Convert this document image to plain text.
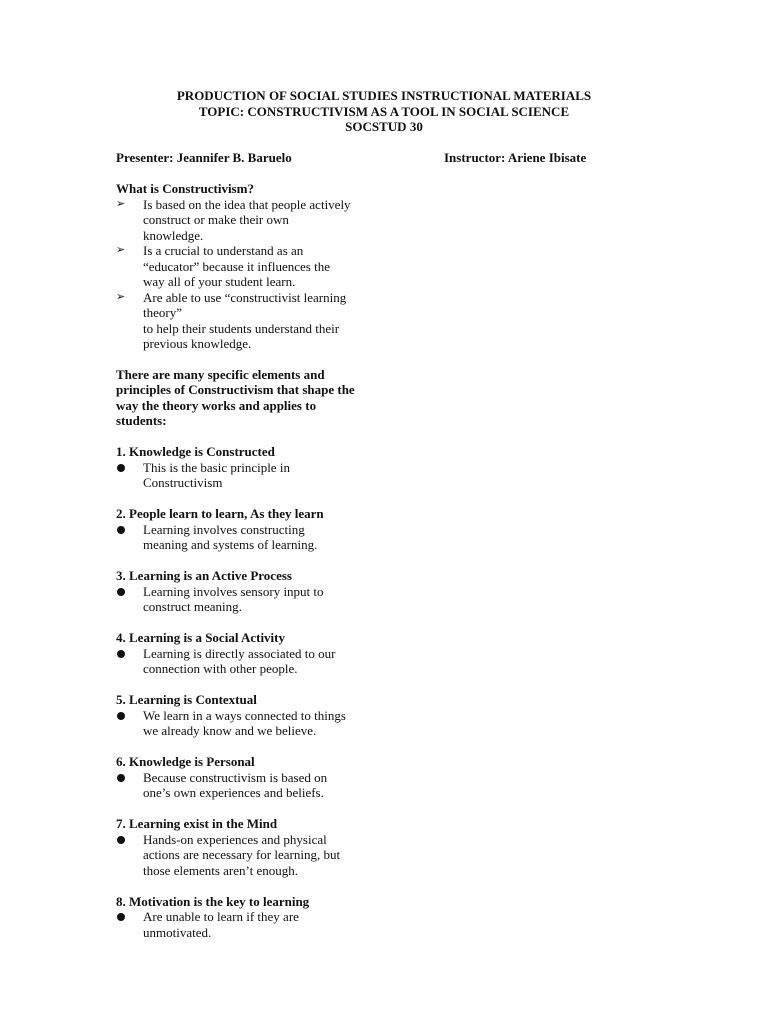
PRODUCTION OF SOCIAL STUDIES INSTRUCTIONAL MATERIALS
TOPIC: CONSTRUCTIVISM AS A TOOL IN SOCIAL SCIENCE
SOCSTUD 30
Presenter: Jeannifer B. Baruelo	Instructor: Ariene Ibisate
What is Constructivism?
➢ Is based on the idea that people actively
construct or make their own
knowledge.
➢ Is a crucial to understand as an
“educator” because it influences the
way all of your student learn.
➢ Are able to use “constructivist learning
theory”
to help their students understand their
previous knowledge.
There are many specific elements and principles of Constructivism that shape the way the theory works and applies to students:
1. Knowledge is Constructed
This is the basic principle in
Constructivism
2. People learn to learn, As they learn
Learning involves constructing
meaning and systems of learning.
3. Learning is an Active Process
Learning involves sensory input to
construct meaning.
4. Learning is a Social Activity
Learning is directly associated to our
connection with other people.
5. Learning is Contextual
We learn in a ways connected to things
we already know and we believe.
6. Knowledge is Personal
Because constructivism is based on
one’s own experiences and beliefs.
7. Learning exist in the Mind
Hands-on experiences and physical
actions are necessary for learning, but
those elements aren’t enough.
8. Motivation is the key to learning
Are unable to learn if they are
unmotivated.
